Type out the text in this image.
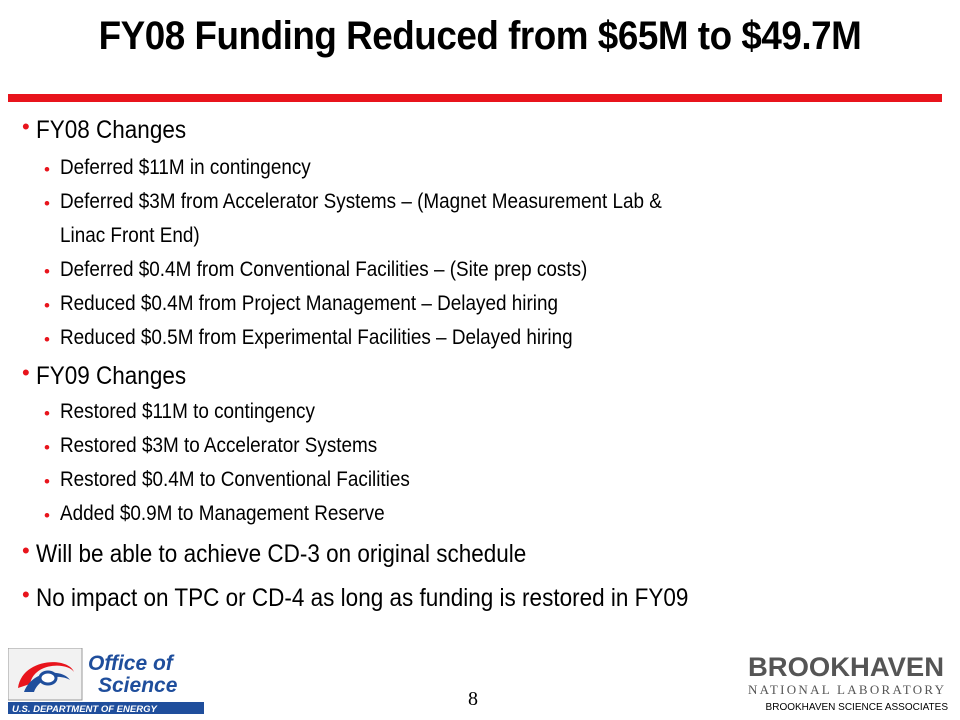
FY08 Funding Reduced from $65M to $49.7M
• FY08 Changes
• Deferred $11M in contingency
• Deferred $3M from Accelerator Systems – (Magnet Measurement Lab &
Linac Front End)
• Deferred $0.4M from Conventional Facilities – (Site prep costs)
• Reduced $0.4M from Project Management – Delayed hiring
• Reduced $0.5M from Experimental Facilities – Delayed hiring
• FY09 Changes
• Restored $11M to contingency
• Restored $3M to Accelerator Systems
• Restored $0.4M to Conventional Facilities
• Added $0.9M to Management Reserve
• Will be able to achieve CD-3 on original schedule
• No impact on TPC or CD-4 as long as funding is restored in FY09
Office of
Science
U.S. DEPARTMENT OF ENERGY	8
BROOKHAVEN
NATIONAL LABORATORY
BROOKHAVEN SCIENCE ASSOCIATES
